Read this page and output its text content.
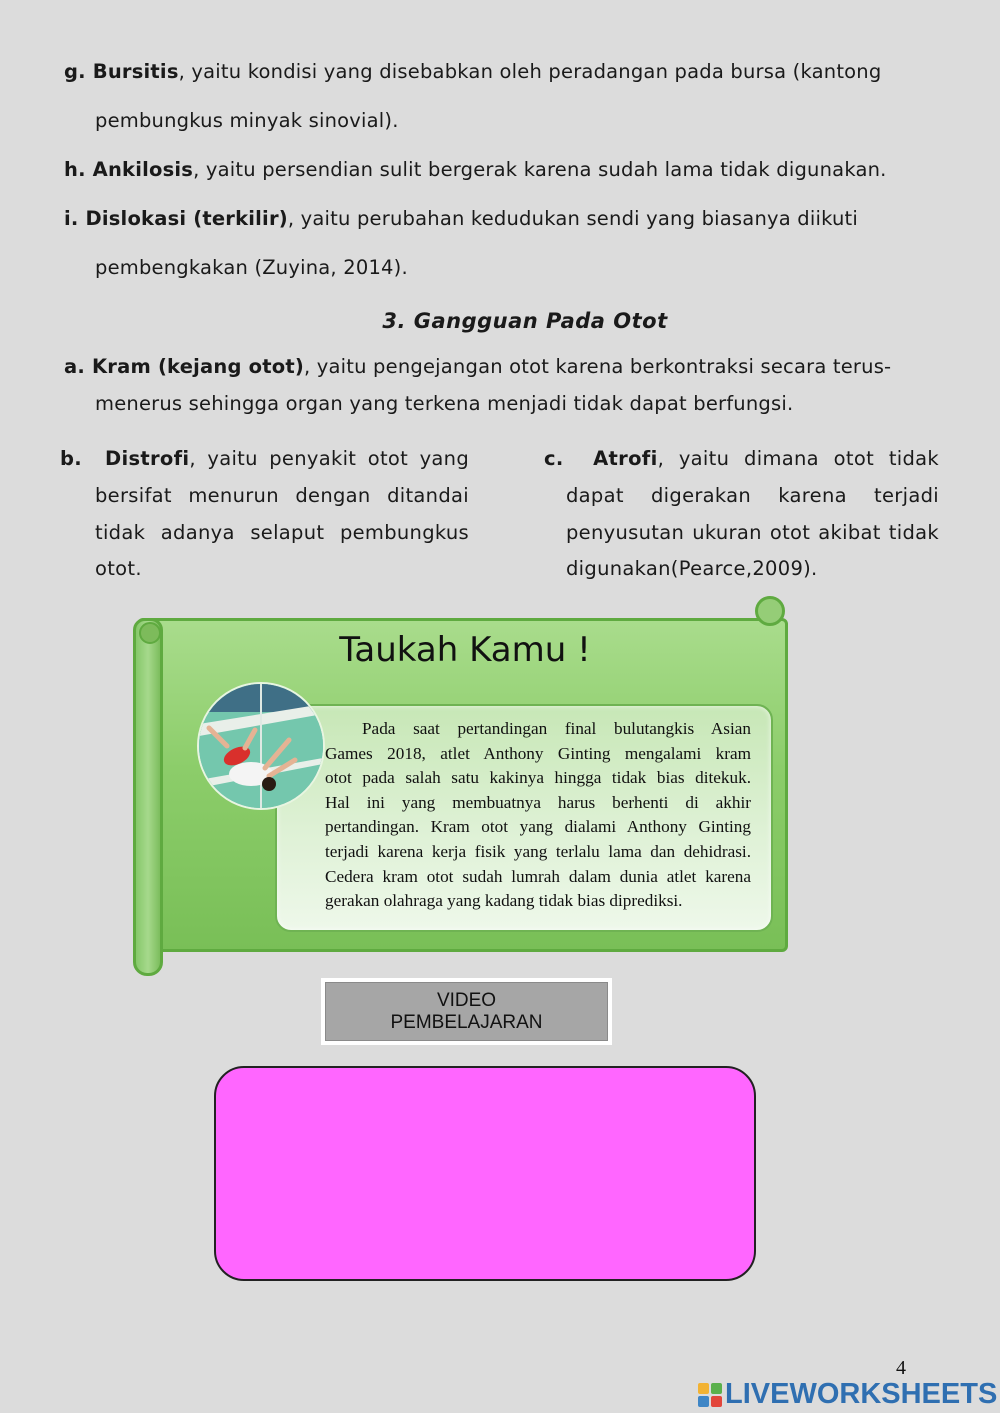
g. Bursitis, yaitu kondisi yang disebabkan oleh peradangan pada bursa (kantong
pembungkus minyak sinovial).
h. Ankilosis, yaitu persendian sulit bergerak karena sudah lama tidak digunakan.
i. Dislokasi (terkilir), yaitu perubahan kedudukan sendi yang biasanya diikuti
pembengkakan (Zuyina, 2014).
3. Gangguan Pada Otot
a. Kram (kejang otot), yaitu pengejangan otot karena berkontraksi secara terus-
menerus sehingga organ yang terkena menjadi tidak dapat berfungsi.
b. Distrofi, yaitu penyakit otot yang
bersifat menurun dengan ditandai
tidak adanya selaput pembungkus
otot.
c. Atrofi, yaitu dimana otot tidak
dapat digerakan karena terjadi
penyusutan ukuran otot akibat tidak
digunakan(Pearce,2009).
Taukah Kamu !
Pada saat pertandingan final bulutangkis Asian
Games 2018, atlet Anthony Ginting mengalami kram
otot pada salah satu kakinya hingga tidak bias ditekuk.
Hal ini yang membuatnya harus berhenti di akhir
pertandingan. Kram otot yang dialami Anthony Ginting
terjadi karena kerja fisik yang terlalu lama dan dehidrasi.
Cedera kram otot sudah lumrah dalam dunia atlet karena
gerakan olahraga yang kadang tidak bias diprediksi.
VIDEO
PEMBELAJARAN
4
LIVEWORKSHEETS
